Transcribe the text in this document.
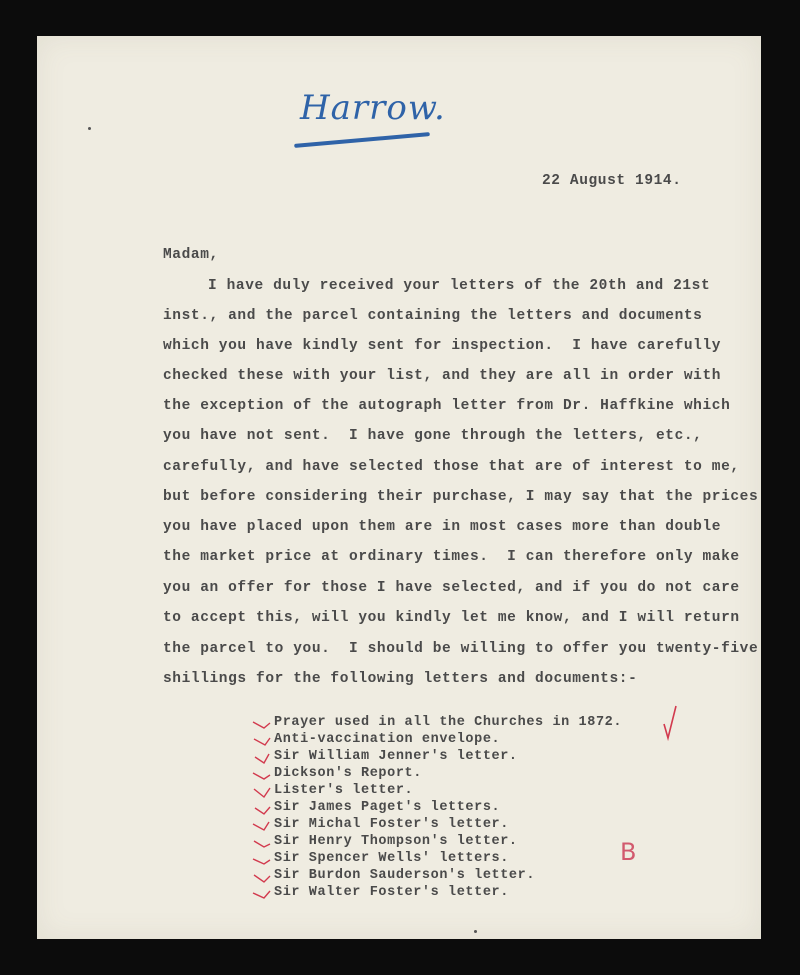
Harrow.
22 August 1914.
Madam,
I have duly received your letters of the 20th and 21st
inst., and the parcel containing the letters and documents
which you have kindly sent for inspection.  I have carefully
checked these with your list, and they are all in order with
the exception of the autograph letter from Dr. Haffkine which
you have not sent.  I have gone through the letters, etc.,
carefully, and have selected those that are of interest to me,
but before considering their purchase, I may say that the prices
you have placed upon them are in most cases more than double
the market price at ordinary times.  I can therefore only make
you an offer for those I have selected, and if you do not care
to accept this, will you kindly let me know, and I will return
the parcel to you.  I should be willing to offer you twenty-five
shillings for the following letters and documents:-
Prayer used in all the Churches in 1872.
Anti-vaccination envelope.
Sir William Jenner's letter.
Dickson's Report.
Lister's letter.
Sir James Paget's letters.
Sir Michal Foster's letter.
Sir Henry Thompson's letter.
Sir Spencer Wells' letters.
Sir Burdon Sauderson's letter.
Sir Walter Foster's letter.
B
